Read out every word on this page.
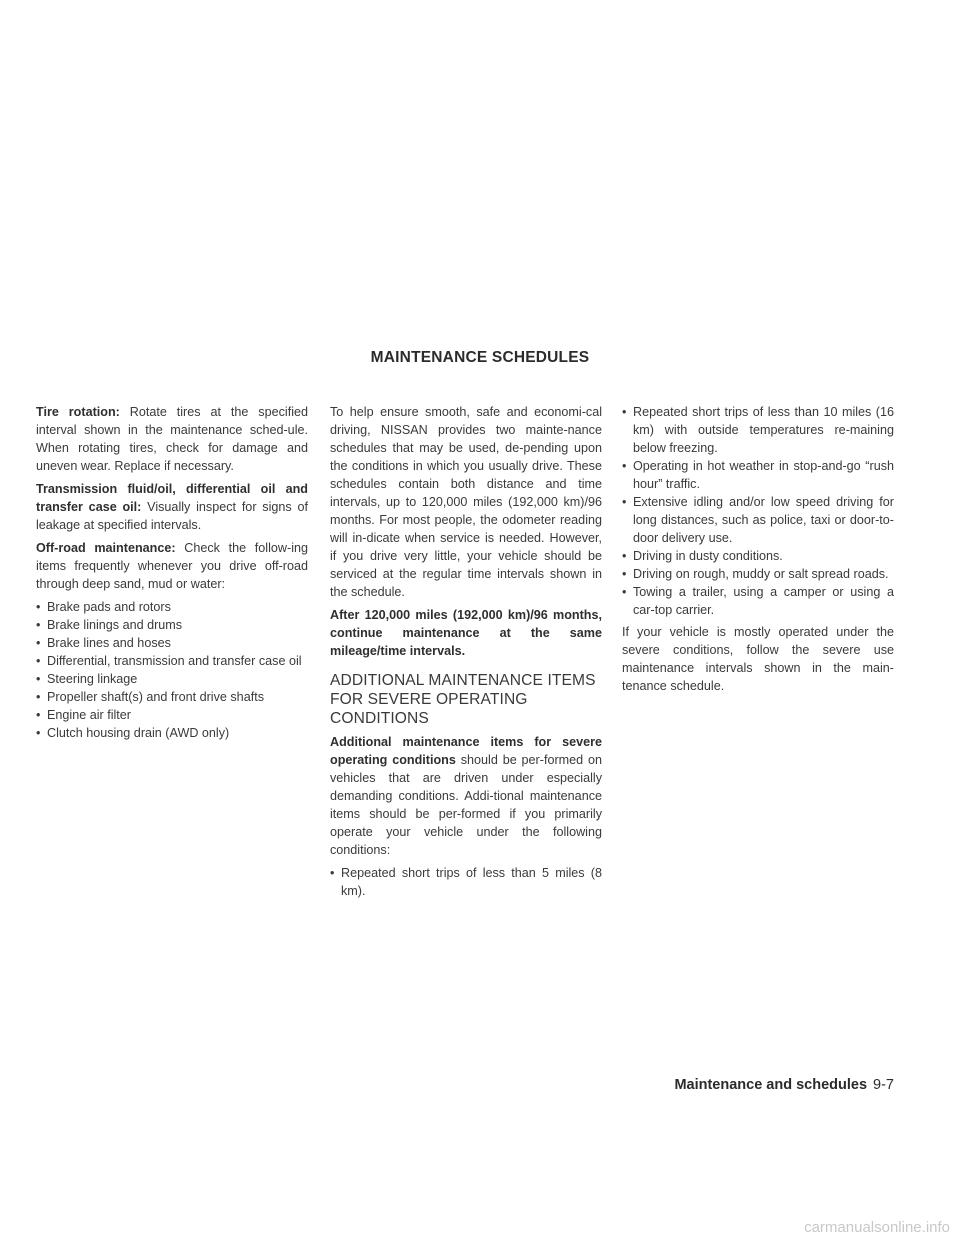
MAINTENANCE SCHEDULES

Tire rotation: Rotate tires at the specified interval shown in the maintenance sched-ule. When rotating tires, check for damage and uneven wear. Replace if necessary.

Transmission fluid/oil, differential oil and transfer case oil: Visually inspect for signs of leakage at specified intervals.

Off-road maintenance: Check the follow-ing items frequently whenever you drive off-road through deep sand, mud or water:

• Brake pads and rotors
• Brake linings and drums
• Brake lines and hoses
• Differential, transmission and transfer case oil
• Steering linkage
• Propeller shaft(s) and front drive shafts
• Engine air filter
• Clutch housing drain (AWD only)

To help ensure smooth, safe and economi-cal driving, NISSAN provides two mainte-nance schedules that may be used, de-pending upon the conditions in which you usually drive. These schedules contain both distance and time intervals, up to 120,000 miles (192,000 km)/96 months. For most people, the odometer reading will in-dicate when service is needed. However, if you drive very little, your vehicle should be serviced at the regular time intervals shown in the schedule.

After 120,000 miles (192,000 km)/96 months, continue maintenance at the same mileage/time intervals.

ADDITIONAL MAINTENANCE ITEMS FOR SEVERE OPERATING CONDITIONS

Additional maintenance items for severe operating conditions should be per-formed on vehicles that are driven under especially demanding conditions. Addi-tional maintenance items should be per-formed if you primarily operate your vehicle under the following conditions:

• Repeated short trips of less than 5 miles (8 km).
• Repeated short trips of less than 10 miles (16 km) with outside temperatures re-maining below freezing.
• Operating in hot weather in stop-and-go “rush hour” traffic.
• Extensive idling and/or low speed driving for long distances, such as police, taxi or door-to-door delivery use.
• Driving in dusty conditions.
• Driving on rough, muddy or salt spread roads.
• Towing a trailer, using a camper or using a car-top carrier.

If your vehicle is mostly operated under the severe conditions, follow the severe use maintenance intervals shown in the main-tenance schedule.

Maintenance and schedules 9-7
carmanualsonline.info
